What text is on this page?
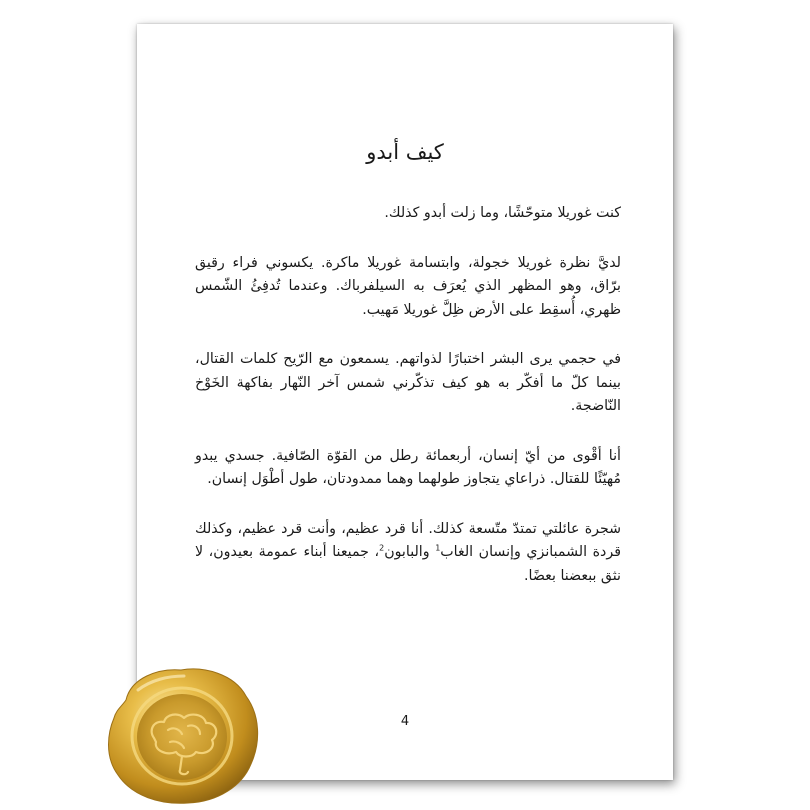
كيف أبدو

كنت غوريلا متوحّشًا، وما زلت أبدو كذلك.

لديَّ نظرة غوريلا خجولة، وابتسامة غوريلا ماكرة. يكسوني فراء رقيق برّاق، وهو المظهر الذي يُعرَف به السيلفرباك. وعندما تُدفِئُ الشّمس ظهري، أُسقِط على الأرض ظِلَّ غوريلا مَهيب.

في حجمي يرى البشر اختبارًا لذواتهم. يسمعون مع الرّيح كلمات القتال، بينما كلّ ما أفكّر به هو كيف تذكّرني شمس آخر النّهار بفاكهة الخَوْخ النّاضجة.

أنا أقْوى من أيّ إنسان، أربعمائة رطل من القوّة الصّافية. جسدي يبدو مُهيّئًا للقتال. ذراعاي يتجاوز طولهما وهما ممدودتان، طول أطْوَل إنسان.

شجرة عائلتي تمتدّ متّسعة كذلك. أنا قرد عظيم، وأنت قرد عظيم، وكذلك قردة الشمبانزي وإنسان الغاب$^1$ والبابون$^2$، جميعنا أبناء عمومة بعيدون، لا نثق ببعضنا بعضًا.

4
